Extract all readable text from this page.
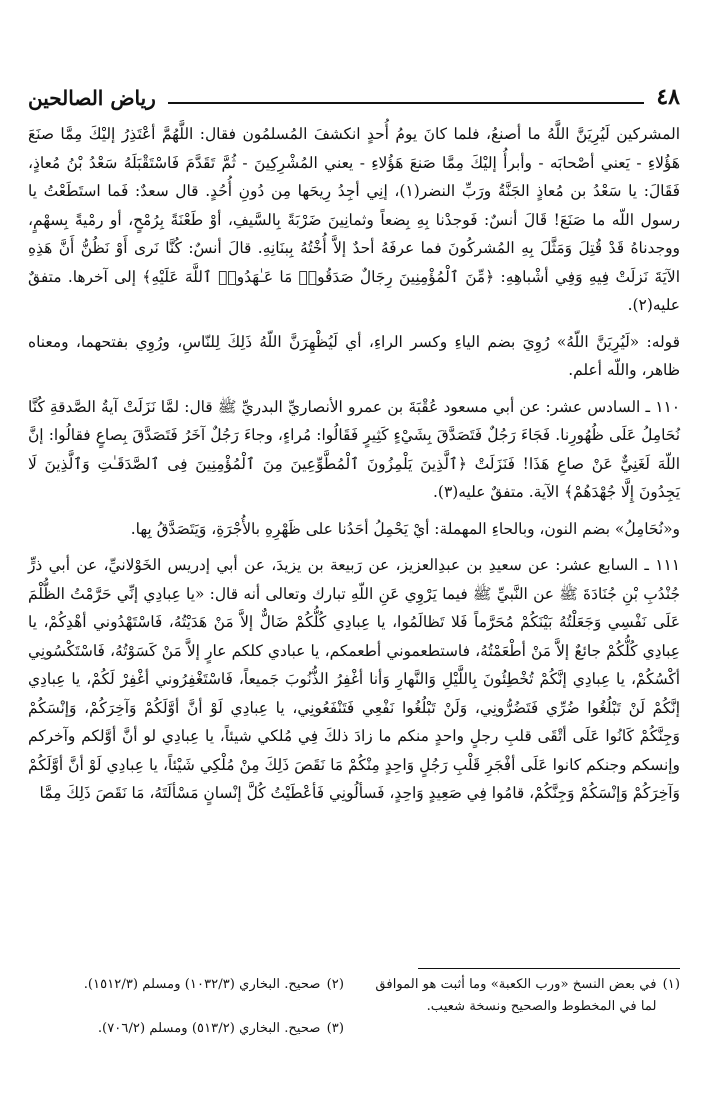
٤٨
رياض الصالحين

المشركين لَيُرِيَنَّ اللَّهُ ما أصنعُ، فلما كانَ يومُ أُحدٍ انكشفَ المُسلمُون فقال: اللَّهُمَّ أعْتَذِرُ إليْكَ مِمَّا صنَعَ هَؤُلاءِ - يَعني أصْحابَه - وأبرأُ إليْكَ مِمَّا صَنعَ هَؤُلاءِ - يعني المُشْرِكِينَ - ثُمَّ تَقَدَّمَ فَاسْتَقْبَلَهُ سَعْدُ بْنُ مُعاذٍ، فَقَالَ: يا سَعْدُ بن مُعاذٍ الجَنَّةُ ورَبِّ النضر(١)، إنِي أجِدُ رِيحَها مِن دُونِ أُحُدٍ. قال سعدٌ: فَما استَطَعْتُ يا رسول اللّه ما صَنَعَ! قَالَ أنسٌ: فَوجدْنا بِهِ بِضعاً وثمانِينَ ضَرْبَةً بِالسَّيفِ، أوْ طَعْنَةً بِرُمْحٍ، أو رمْيةً بِسهْمٍ، ووجدناهُ قَدْ قُتِلَ وَمَثَّلَ بِهِ المُشركُونَ فما عرفَهُ أحدٌ إلاَّ أُخْتُهُ بِبنَانِهِ. قالَ أنسٌ: كُنَّا نَرى أَوْ نَظُنُّ أَنَّ هَذِهِ الآيَةَ نَزلَتْ فِيهِ وَفِي أشْباهِهِ: ﴿مِّنَ ٱلْمُؤْمِنِينَ رِجَالٌ صَدَقُوا۟ مَا عَـٰهَدُوا۟ ٱللَّهَ عَلَيْهِ﴾ إلى آخرها. متفقٌ عليه(٢).

قوله: «لَيُرِيَنَّ اللّهُ» رُوِيَ بضم الياءِ وكسر الراءِ، أي لَيُظْهِرَنَّ اللّهُ ذَلِكَ لِلنّاسِ، ورُوِي بفتحهما، ومعناه ظاهر، واللّه أعلم.

١١٠ ـ السادس عشر: عن أبي مسعود عُقْبَةَ بن عمرو الأنصاريِّ البدريِّ ﷺ قال: لمَّا نَزَلَتْ آيةُ الصَّدقةِ كُنَّا نُحَامِلُ عَلَى ظُهُورِنا. فَجَاءَ رَجُلٌ فَتَصَدَّقَ بِشَيْءٍ كَثِيرٍ فَقَالُوا: مُراءٍ، وجاءَ رَجُلٌ آخَرُ فَتَصَدَّقَ بِصاعٍ فقالُوا: إنَّ اللّهَ لَغَنِيٌّ عَنْ صاعِ هَذَا! فَنَزَلَتْ ﴿ٱلَّذِينَ يَلْمِزُونَ ٱلْمُطَّوِّعِينَ مِنَ ٱلْمُؤْمِنِينَ فِى ٱلصَّدَقَـٰتِ وَٱلَّذِينَ لَا يَجِدُونَ إِلَّا جُهْدَهُمْ﴾ الآية. متفقٌ عليه(٣).

و«نُحَامِلُ» بضم النون، وبالحاءِ المهملة: أيْ يَحْمِلُ أحَدُنا على ظَهْرِهِ بالأُجْرَةِ، وَيَتَصَدَّقُ بِها.

١١١ ـ السابع عشر: عن سعيدِ بن عبدِالعزيز، عن رَبيعة بن يزيدَ، عن أبي إدريس الخَوْلانيِّ، عن أبي ذرٍّ جُنْدُبِ بْنِ جُنَادَةَ ﷺ عن النَّبيِّ ﷺ فيما يَرْوِي عَنِ اللّهِ تبارك وتعالى أنه قال: «يا عِبادِي إنِّي حَرَّمْتُ الظُّلْمَ عَلَى نَفْسِي وَجَعَلْتُهُ بَيْنَكُمْ مُحَرَّماً فَلا تَظالَمُوا، يا عِبادِي كُلُّكُمْ ضَالٌّ إلاَّ مَنْ هَدَيْتُهُ، فَاسْتَهْدُوني أهْدِكُمْ، يا عِبادِي كُلُّكُمْ جائعٌ إلاَّ مَنْ أطْعَمْتُهُ، فاستطعموني أطعمكم، يا عبادي كلكم عارٍ إلاَّ مَنْ كَسَوْتُهُ، فَاسْتَكْسُونِي أكْسُكُمْ، يا عِبادِي إنَّكُمْ تُخْطِئُونَ بِاللَّيْلِ وَالنَّهارِ وَأنا أغْفِرُ الذُّنُوبَ جَميعاً، فَاسْتَغْفِرُوني أغْفِرْ لَكُمْ، يا عِبادِي إنَّكُمْ لَنْ تَبْلُغُوا ضُرِّي فَتَضُرُّونِي، وَلَنْ تَبْلُغُوا نَفْعِي فَتَنْفَعُونِي، يا عِبادِي لَوْ أنَّ أوَّلَكُمْ وَآخِرَكُمْ، وَإنْسَكُمْ وَجِنَّكُمْ كَانُوا عَلَى أتْقَى قلبِ رجلٍ واحدٍ منكم ما زادَ ذلكَ فِي مُلكي شيئاً، يا عِبادِي لو أنَّ أوَّلكم وآخركم وإنسكم وجنكم كانوا عَلَى أفْجَرِ قَلْبِ رَجُلٍ وَاحِدٍ مِنْكُمْ مَا نَقَصَ ذَلِكَ مِنْ مُلْكِي شَيْئاً، يا عِبادِي لَوْ أنَّ أوَّلَكُمْ وَآخِرَكُمْ وَإنْسَكُمْ وَجِنَّكُمْ، قامُوا فِي صَعِيدٍ وَاحِدٍ، فَسألُونِي فَأعْطَيْتُ كُلَّ إنْسانٍ مَسْألَتَهُ، مَا نَقَصَ ذَلِكَ مِمَّا

(١)
في بعض النسخ «ورب الكعبة» وما أثبت هو الموافق لما في المخطوط والصحيح ونسخة شعيب.
(٢)
صحيح. البخاري (١٠٣٢/٣) ومسلم (١٥١٢/٣).
(٣)
صحيح. البخاري (٥١٣/٢) ومسلم (٧٠٦/٢).
